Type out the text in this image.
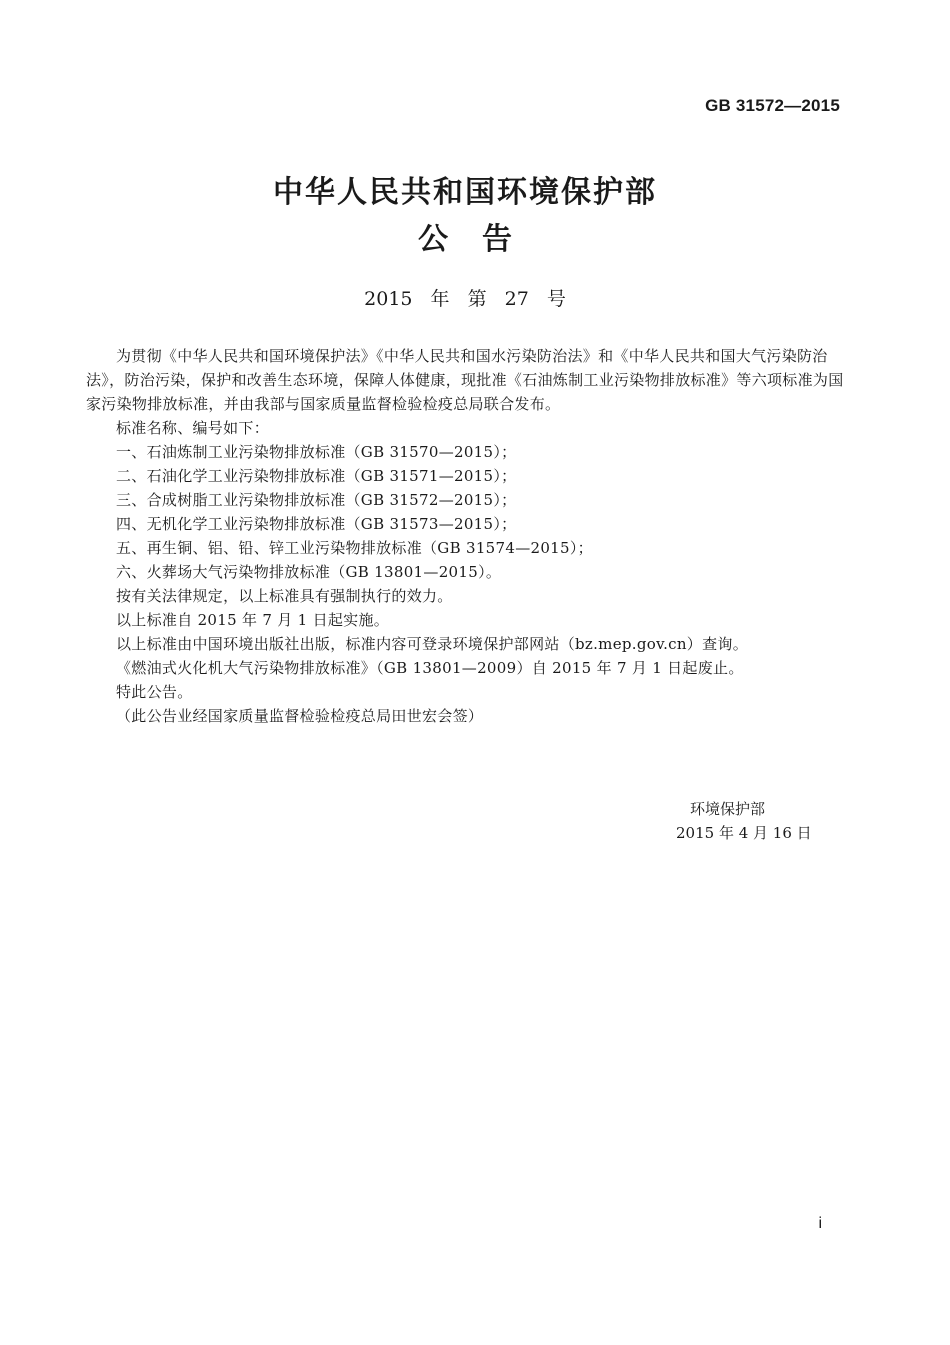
GB 31572—2015
中华人民共和国环境保护部
公告
2015 年 第 27 号

为贯彻《中华人民共和国环境保护法》《中华人民共和国水污染防治法》和《中华人民共和国大气污染防治法》，防治污染，保护和改善生态环境，保障人体健康，现批准《石油炼制工业污染物排放标准》等六项标准为国家污染物排放标准，并由我部与国家质量监督检验检疫总局联合发布。

标准名称、编号如下：

一、石油炼制工业污染物排放标准（GB 31570—2015）；

二、石油化学工业污染物排放标准（GB 31571—2015）；

三、合成树脂工业污染物排放标准（GB 31572—2015）；

四、无机化学工业污染物排放标准（GB 31573—2015）；

五、再生铜、铝、铅、锌工业污染物排放标准（GB 31574—2015）；

六、火葬场大气污染物排放标准（GB 13801—2015）。

按有关法律规定，以上标准具有强制执行的效力。

以上标准自 2015 年 7 月 1 日起实施。

以上标准由中国环境出版社出版，标准内容可登录环境保护部网站（bz.mep.gov.cn）查询。

《燃油式火化机大气污染物排放标准》（GB 13801—2009）自 2015 年 7 月 1 日起废止。

特此公告。

（此公告业经国家质量监督检验检疫总局田世宏会签）

环境保护部
2015 年 4 月 16 日
i
